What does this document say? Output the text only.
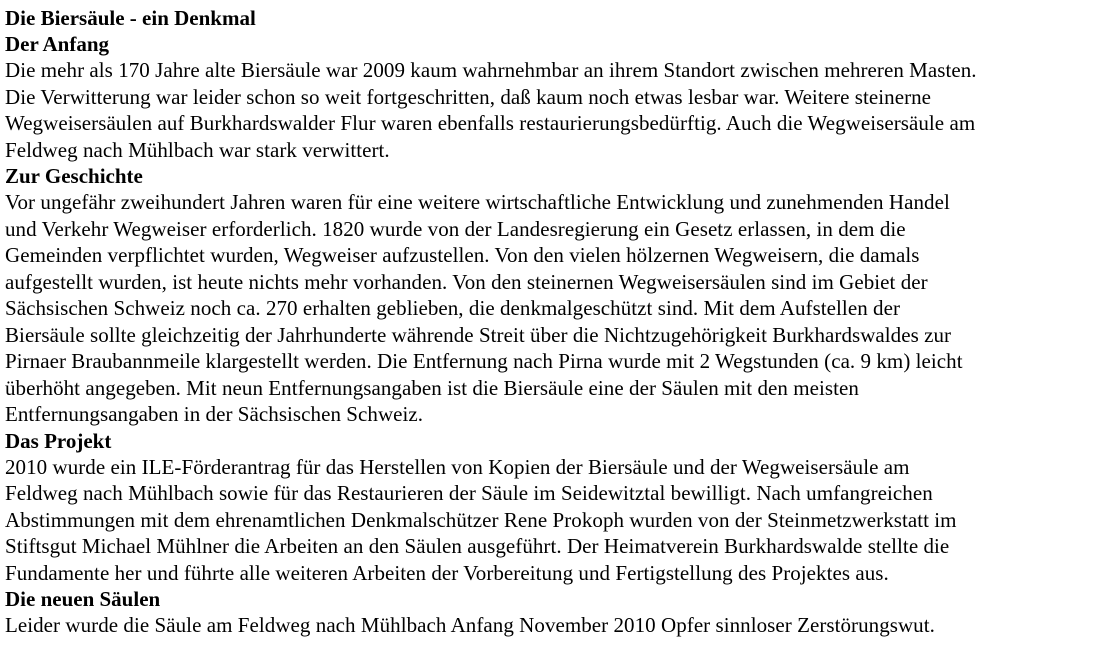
Die Biersäule - ein Denkmal
Der Anfang
Die mehr als 170 Jahre alte Biersäule war 2009 kaum wahrnehmbar an ihrem Standort zwischen mehreren Masten.
Die Verwitterung war leider schon so weit fortgeschritten, daß kaum noch etwas lesbar war. Weitere steinerne
Wegweisersäulen auf Burkhardswalder Flur waren ebenfalls restaurierungsbedürftig. Auch die Wegweisersäule am
Feldweg nach Mühlbach war stark verwittert.
Zur Geschichte
Vor ungefähr zweihundert Jahren waren für eine weitere wirtschaftliche Entwicklung und zunehmenden Handel
und Verkehr Wegweiser erforderlich. 1820 wurde von der Landesregierung ein Gesetz erlassen, in dem die
Gemeinden verpflichtet wurden, Wegweiser aufzustellen. Von den vielen hölzernen Wegweisern, die damals
aufgestellt wurden, ist heute nichts mehr vorhanden. Von den steinernen Wegweisersäulen sind im Gebiet der
Sächsischen Schweiz noch ca. 270 erhalten geblieben, die denkmalgeschützt sind. Mit dem Aufstellen der
Biersäule sollte gleichzeitig der Jahrhunderte währende Streit über die Nichtzugehörigkeit Burkhardswaldes zur
Pirnaer Braubannmeile klargestellt werden. Die Entfernung nach Pirna wurde mit 2 Wegstunden (ca. 9 km) leicht
überhöht angegeben. Mit neun Entfernungsangaben ist die Biersäule eine der Säulen mit den meisten
Entfernungsangaben in der Sächsischen Schweiz.
Das Projekt
2010 wurde ein ILE-Förderantrag für das Herstellen von Kopien der Biersäule und der Wegweisersäule am
Feldweg nach Mühlbach sowie für das Restaurieren der Säule im Seidewitztal bewilligt. Nach umfangreichen
Abstimmungen mit dem ehrenamtlichen Denkmalschützer Rene Prokoph wurden von der Steinmetzwerkstatt im
Stiftsgut Michael Mühlner die Arbeiten an den Säulen ausgeführt. Der Heimatverein Burkhardswalde stellte die
Fundamente her und führte alle weiteren Arbeiten der Vorbereitung und Fertigstellung des Projektes aus.
Die neuen Säulen
Leider wurde die Säule am Feldweg nach Mühlbach Anfang November 2010 Opfer sinnloser Zerstörungswut.
